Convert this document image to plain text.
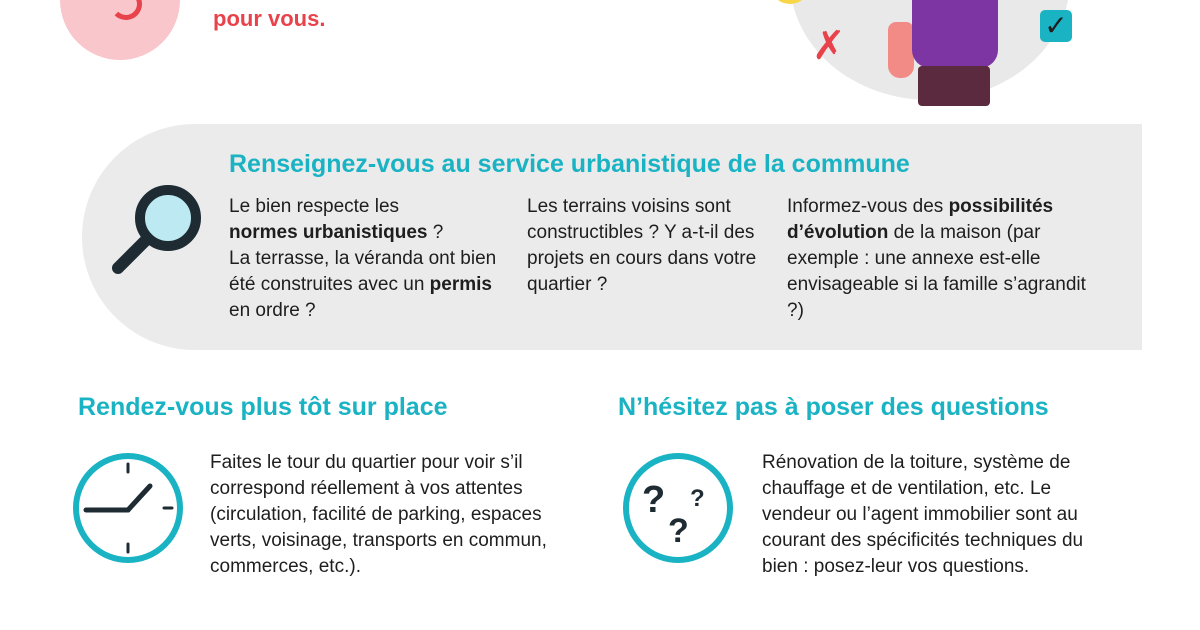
pour vous.

✗	✓
Renseignez-vous au service urbanistique de la commune

Le bien respecte les
normes urbanistiques ?
La terrasse, la véranda ont bien été construites avec un permis en ordre ?

Les terrains voisins sont constructibles ? Y a-t-il des projets en cours dans votre quartier ?

Informez-vous des possibilités d’évolution de la maison (par exemple : une annexe est-elle envisageable si la famille s’agrandit ?)

Rendez-vous plus tôt sur place

Faites le tour du quartier pour voir s’il correspond réellement à vos attentes (circulation, facilité de parking, espaces verts, voisinage, transports en commun, commerces, etc.).

N’hésitez pas à poser des questions
? ?
?

Rénovation de la toiture, système de chauffage et de ventilation, etc. Le vendeur ou l’agent immobilier sont au courant des spécificités techniques du bien : posez-leur vos questions.
